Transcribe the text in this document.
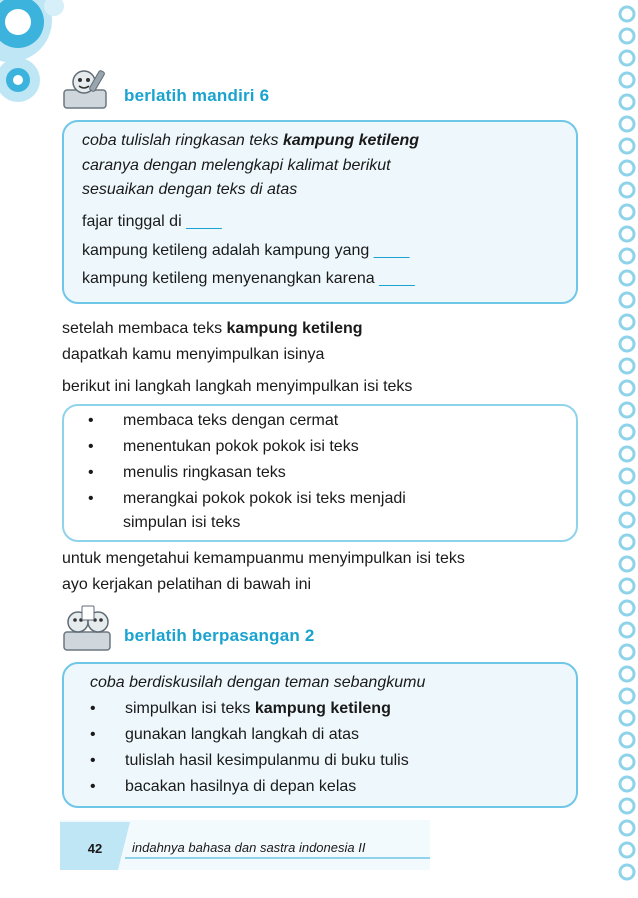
berlatih mandiri 6
coba tulislah ringkasan teks kampung ketileng
caranya dengan melengkapi kalimat berikut
sesuaikan dengan teks di atas
fajar tinggal di ____
kampung ketileng adalah kampung yang ____
kampung ketileng menyenangkan karena ____
setelah membaca teks kampung ketileng
dapatkah kamu menyimpulkan isinya
berikut ini langkah langkah menyimpulkan isi teks
• membaca teks dengan cermat
• menentukan pokok pokok isi teks
• menulis ringkasan teks
• merangkai pokok pokok isi teks menjadi
simpulan isi teks
untuk mengetahui kemampuanmu menyimpulkan isi teks
ayo kerjakan pelatihan di bawah ini
berlatih berpasangan 2
coba berdiskusilah dengan teman sebangkumu
• simpulkan isi teks kampung ketileng
• gunakan langkah langkah di atas
• tulislah hasil kesimpulanmu di buku tulis
• bacakan hasilnya di depan kelas
42	indahnya bahasa dan sastra indonesia II
